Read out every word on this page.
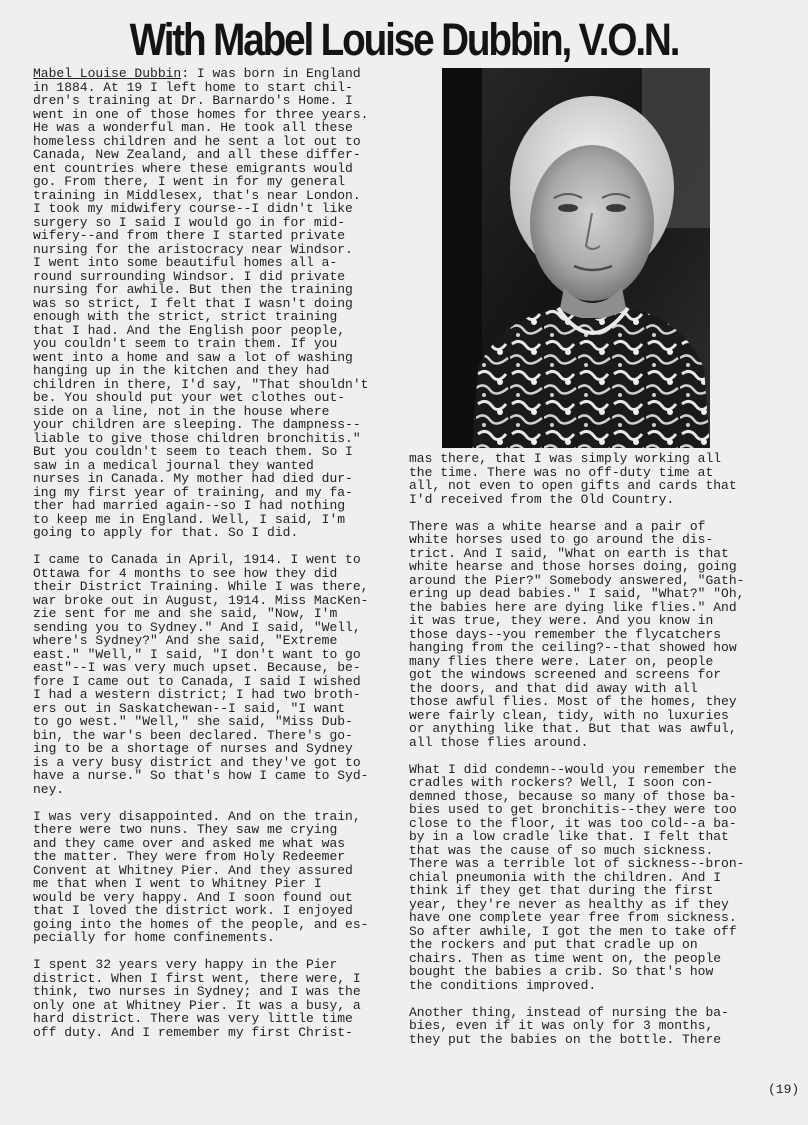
With Mabel Louise Dubbin, V.O.N.
Mabel Louise Dubbin: I was born in England
in 1884. At 19 I left home to start chil-
dren's training at Dr. Barnardo's Home. I
went in one of those homes for three years.
He was a wonderful man. He took all these
homeless children and he sent a lot out to
Canada, New Zealand, and all these differ-
ent countries where these emigrants would
go. From there, I went in for my general
training in Middlesex, that's near London.
I took my midwifery course--I didn't like
surgery so I said I would go in for mid-
wifery--and from there I started private
nursing for the aristocracy near Windsor.
I went into some beautiful homes all a-
round surrounding Windsor. I did private
nursing for awhile. But then the training
was so strict, I felt that I wasn't doing
enough with the strict, strict training
that I had. And the English poor people,
you couldn't seem to train them. If you
went into a home and saw a lot of washing
hanging up in the kitchen and they had
children in there, I'd say, "That shouldn't
be. You should put your wet clothes out-
side on a line, not in the house where
your children are sleeping. The dampness--
liable to give those children bronchitis."
But you couldn't seem to teach them. So I
saw in a medical journal they wanted
nurses in Canada. My mother had died dur-
ing my first year of training, and my fa-
ther had married again--so I had nothing
to keep me in England. Well, I said, I'm
going to apply for that. So I did.
I came to Canada in April, 1914. I went to
Ottawa for 4 months to see how they did
their District Training. While I was there,
war broke out in August, 1914. Miss MacKen-
zie sent for me and she said, "Now, I'm
sending you to Sydney." And I said, "Well,
where's Sydney?" And she said, "Extreme
east." "Well," I said, "I don't want to go
east"--I was very much upset. Because, be-
fore I came out to Canada, I said I wished
I had a western district; I had two broth-
ers out in Saskatchewan--I said, "I want
to go west." "Well," she said, "Miss Dub-
bin, the war's been declared. There's go-
ing to be a shortage of nurses and Sydney
is a very busy district and they've got to
have a nurse." So that's how I came to Syd-
ney.
I was very disappointed. And on the train,
there were two nuns. They saw me crying
and they came over and asked me what was
the matter. They were from Holy Redeemer
Convent at Whitney Pier. And they assured
me that when I went to Whitney Pier I
would be very happy. And I soon found out
that I loved the district work. I enjoyed
going into the homes of the people, and es-
pecially for home confinements.
I spent 32 years very happy in the Pier
district. When I first went, there were, I
think, two nurses in Sydney; and I was the
only one at Whitney Pier. It was a busy, a
hard district. There was very little time
off duty. And I remember my first Christ-
mas there, that I was simply working all
the time. There was no off-duty time at
all, not even to open gifts and cards that
I'd received from the Old Country.
There was a white hearse and a pair of
white horses used to go around the dis-
trict. And I said, "What on earth is that
white hearse and those horses doing, going
around the Pier?" Somebody answered, "Gath-
ering up dead babies." I said, "What?" "Oh,
the babies here are dying like flies." And
it was true, they were. And you know in
those days--you remember the flycatchers
hanging from the ceiling?--that showed how
many flies there were. Later on, people
got the windows screened and screens for
the doors, and that did away with all
those awful flies. Most of the homes, they
were fairly clean, tidy, with no luxuries
or anything like that. But that was awful,
all those flies around.
What I did condemn--would you remember the
cradles with rockers? Well, I soon con-
demned those, because so many of those ba-
bies used to get bronchitis--they were too
close to the floor, it was too cold--a ba-
by in a low cradle like that. I felt that
that was the cause of so much sickness.
There was a terrible lot of sickness--bron-
chial pneumonia with the children. And I
think if they get that during the first
year, they're never as healthy as if they
have one complete year free from sickness.
So after awhile, I got the men to take off
the rockers and put that cradle up on
chairs. Then as time went on, the people
bought the babies a crib. So that's how
the conditions improved.
Another thing, instead of nursing the ba-
bies, even if it was only for 3 months,
they put the babies on the bottle. There
(19)
